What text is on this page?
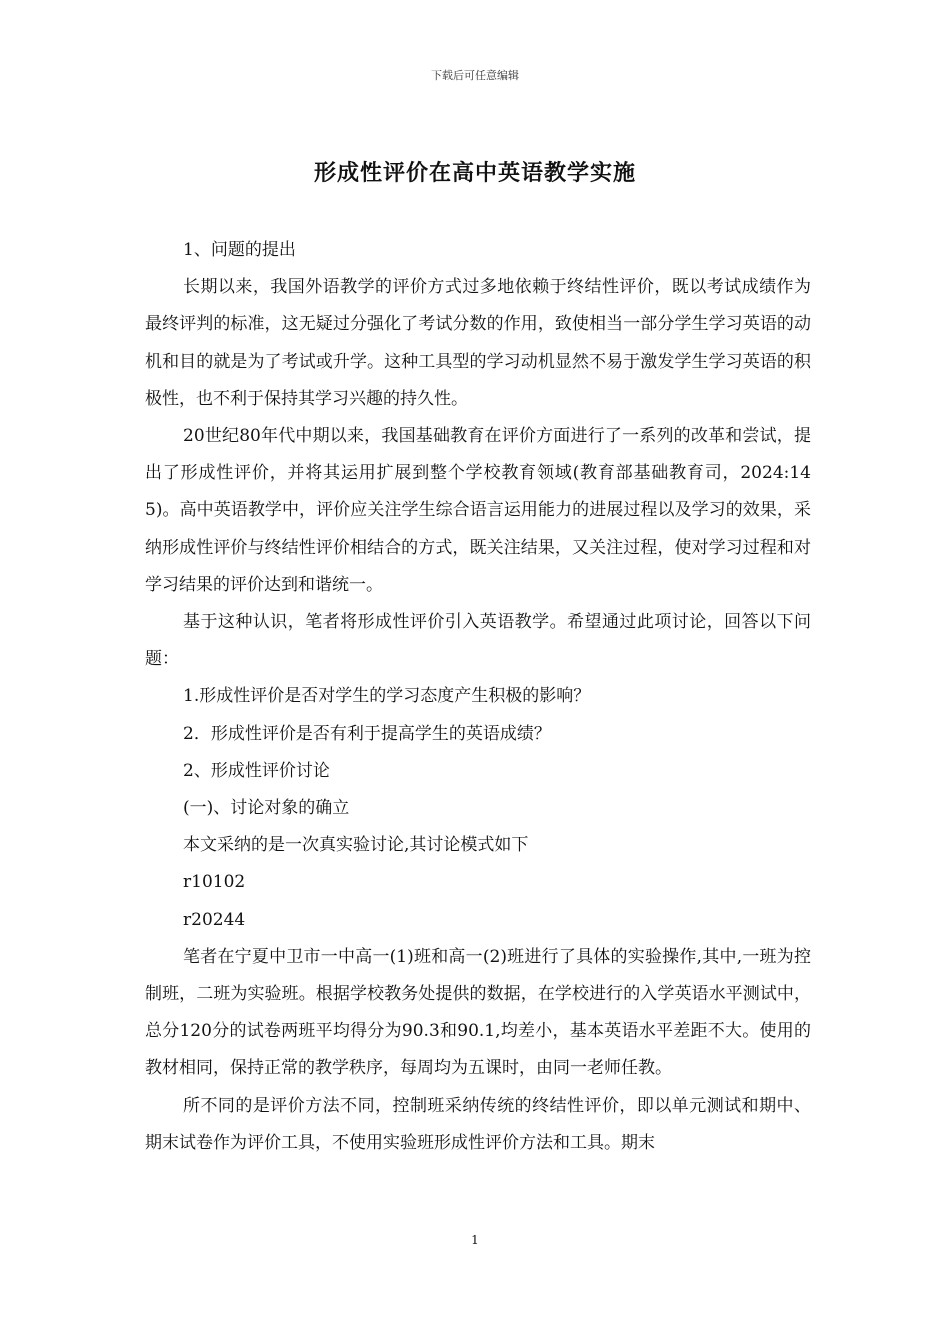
下载后可任意编辑
形成性评价在高中英语教学实施

1、问题的提出

长期以来，我国外语教学的评价方式过多地依赖于终结性评价，既以考试成绩作为最终评判的标准，这无疑过分强化了考试分数的作用，致使相当一部分学生学习英语的动机和目的就是为了考试或升学。这种工具型的学习动机显然不易于激发学生学习英语的积极性，也不利于保持其学习兴趣的持久性。

20世纪80年代中期以来，我国基础教育在评价方面进行了一系列的改革和尝试，提出了形成性评价，并将其运用扩展到整个学校教育领域(教育部基础教育司，2024:145)。高中英语教学中，评价应关注学生综合语言运用能力的进展过程以及学习的效果，采纳形成性评价与终结性评价相结合的方式，既关注结果，又关注过程，使对学习过程和对学习结果的评价达到和谐统一。

基于这种认识，笔者将形成性评价引入英语教学。希望通过此项讨论，回答以下问题：

1.形成性评价是否对学生的学习态度产生积极的影响？

2．形成性评价是否有利于提高学生的英语成绩？

2、形成性评价讨论

(一)、讨论对象的确立

本文采纳的是一次真实验讨论,其讨论模式如下

r10102

r20244

笔者在宁夏中卫市一中高一(1)班和高一(2)班进行了具体的实验操作,其中,一班为控制班，二班为实验班。根据学校教务处提供的数据，在学校进行的入学英语水平测试中，总分120分的试卷两班平均得分为90.3和90.1,均差小，基本英语水平差距不大。使用的教材相同，保持正常的教学秩序，每周均为五课时，由同一老师任教。

所不同的是评价方法不同，控制班采纳传统的终结性评价，即以单元测试和期中、期末试卷作为评价工具，不使用实验班形成性评价方法和工具。期末

1
